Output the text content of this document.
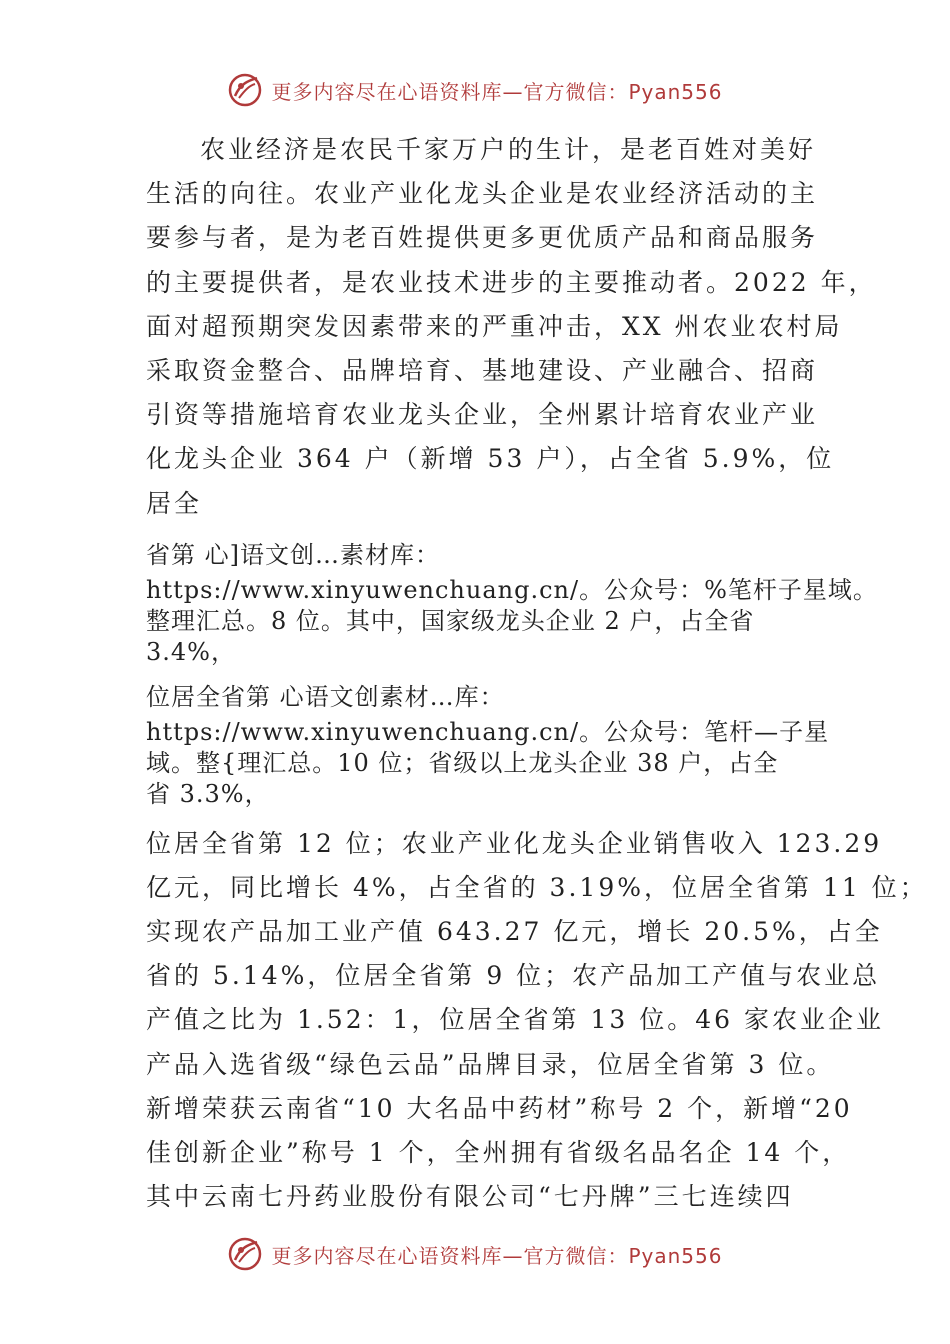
更多内容尽在心语资料库—官方微信：Pyan556
农业经济是农民千家万户的生计，是老百姓对美好
生活的向往。农业产业化龙头企业是农业经济活动的主
要参与者，是为老百姓提供更多更优质产品和商品服务
的主要提供者，是农业技术进步的主要推动者。2022 年，
面对超预期突发因素带来的严重冲击，XX 州农业农村局
采取资金整合、品牌培育、基地建设、产业融合、招商
引资等措施培育农业龙头企业，全州累计培育农业产业
化龙头企业 364 户（新增 53 户），占全省 5.9%，位
居全
省第 心]语文创…素材库：
https://www.xinyuwenchuang.cn/。公众号：%笔杆子星域。
整理汇总。8 位。其中，国家级龙头企业 2 户，占全省
3.4%，
位居全省第 心语文创素材…库：
https://www.xinyuwenchuang.cn/。公众号：笔杆—子星
域。整{理汇总。10 位；省级以上龙头企业 38 户，占全
省 3.3%，
位居全省第 12 位；农业产业化龙头企业销售收入 123.29
亿元，同比增长 4%，占全省的 3.19%，位居全省第 11 位；
实现农产品加工业产值 643.27 亿元，增长 20.5%，占全
省的 5.14%，位居全省第 9 位；农产品加工产值与农业总
产值之比为 1.52：1，位居全省第 13 位。46 家农业企业
产品入选省级“绿色云品”品牌目录，位居全省第 3 位。
新增荣获云南省“10 大名品中药材”称号 2 个，新增“20
佳创新企业”称号 1 个，全州拥有省级名品名企 14 个，
其中云南七丹药业股份有限公司“七丹牌”三七连续四
更多内容尽在心语资料库—官方微信：Pyan556
